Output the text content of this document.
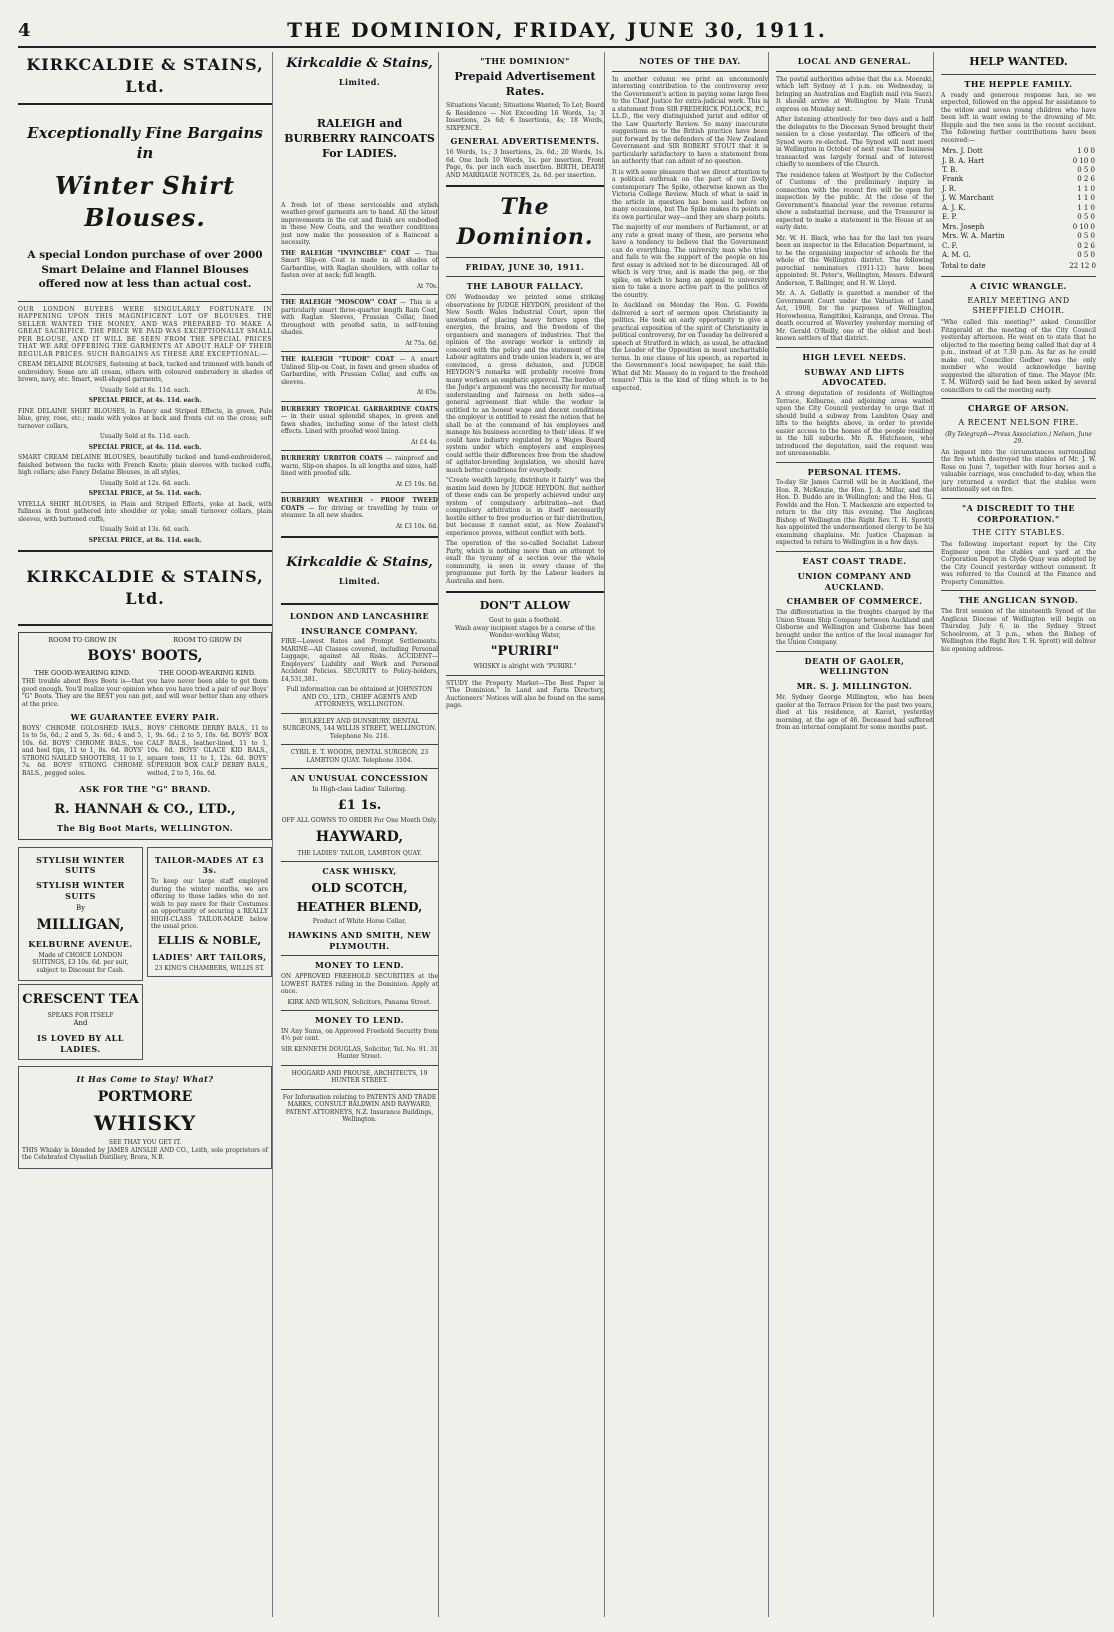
4	THE DOMINION, FRIDAY, JUNE 30, 1911.
KIRKCALDIE & STAINS, Ltd.
Exceptionally Fine Bargains in
Winter Shirt Blouses.
A special London purchase of over 2000 Smart Delaine and Flannel Blouses offered now at less than actual cost.

OUR LONDON BUYERS WERE SINGULARLY FORTUNATE IN HAPPENING UPON THIS MAGNIFICENT LOT OF BLOUSES. THE SELLER WANTED THE MONEY, AND WAS PREPARED TO MAKE A GREAT SACRIFICE. THE PRICE WE PAID WAS EXCEPTIONALLY SMALL PER BLOUSE, AND IT WILL BE SEEN FROM THE SPECIAL PRICES THAT WE ARE OFFERING THE GARMENTS AT ABOUT HALF OF THEIR REGULAR PRICES. SUCH BARGAINS AS THESE ARE EXCEPTIONAL:—

CREAM DELAINE BLOUSES, fastening at back, tucked and trimmed with bands of embroidery. Some are all cream, others with coloured embroidery in shades of brown, navy, etc. Smart, well-shaped garments,

Usually Sold at 8s. 11d. each.

SPECIAL PRICE, at 4s. 11d. each.

FINE DELAINE SHIRT BLOUSES, in Fancy and Striped Effects, in green, Pale blue, grey, rose, etc.; made with yokes at back and fronts cut on the cross; soft turnover collars,

Usually Sold at 8s. 11d. each.

SPECIAL PRICE, at 4s. 11d. each.

SMART CREAM DELAINE BLOUSES, beautifully tucked and hand-embroidered, finished between the tucks with French Knots; plain sleeves with tucked cuffs, high collars; also Fancy Delaine Blouses, in all styles,

Usually Sold at 12s. 6d. each.

SPECIAL PRICE, at 5s. 11d. each.

VIYELLA SHIRT BLOUSES, in Plain and Striped Effects, yoke at back, with fullness in front gathered into shoulder or yoke; small turnover collars, plain sleeves, with buttoned cuffs,

Usually Sold at 13s. 6d. each.

SPECIAL PRICE, at 8s. 11d. each.

KIRKCALDIE & STAINS, Ltd.
ROOM TO GROW IN	ROOM TO GROW IN
BOYS' BOOTS,
THE GOOD-WEARING KIND.	THE GOOD-WEARING KIND.

THE trouble about Boys Boots is—that you have never been able to get them good enough. You'll realize your opinion when you have tried a pair of our Boys' "G" Boots. They are the BEST you can get, and will wear better than any others at the price.

WE GUARANTEE EVERY PAIR.

BOYS' CHROME GOLOSHED BALS., 1s to 5s, 6d.; 2 and 5, 3s. 6d.; 4 and 5, 10s. 6d. BOYS' CHROME BALS., toe and heel tips, 11 to 1, 8s. 6d. BOYS' STRONG NAILED SHOOTERS, 11 to 1, 7s. 6d. BOYS' STRONG CHROME BALS., pegged soles.

BOYS' CHROME DERBY BALS., 11 to 1, 9s. 6d.; 2 to 5, 10s. 6d. BOYS' BOX CALF BALS., leather-lined, 11 to 1, 10s. 6d. BOYS' GLACE KID BALS., square toes, 11 to 1, 12s. 6d. BOYS' SUPERIOR BOX CALF DERBY BALS., welted, 2 to 5, 16s. 6d.

ASK FOR THE "G" BRAND.
R. HANNAH & CO., LTD.,
The Big Boot Marts, WELLINGTON.
STYLISH WINTER SUITS
STYLISH WINTER SUITS
By
MILLIGAN,
KELBURNE AVENUE.

Made of CHOICE LONDON SUITINGS, £3 10s. 6d. per suit, subject to Discount for Cash.

CRESCENT TEA
SPEAKS FOR ITSELF
And
IS LOVED BY ALL LADIES.
TAILOR-MADES AT £3 3s.

To keep our large staff employed during the winter months, we are offering to those ladies who do not wish to pay more for their Costumes an opportunity of securing a REALLY HIGH-CLASS TAILOR-MADE below the usual price.

ELLIS & NOBLE,
LADIES' ART TAILORS,
23 KING'S CHAMBERS, WILLIS ST.
It Has Come to Stay! What?
PORTMORE
WHISKY
SEE THAT YOU GET IT.

THIS Whisky is blended by JAMES AINSLIE AND CO., Leith, sole proprietors of the Celebrated Clynelish Distillery, Brora, N.B.

Kirkcaldie & Stains,
Limited.
RALEIGH and BURBERRY RAINCOATS For LADIES.

A fresh lot of these serviceable and stylish weather-proof garments are to hand. All the latest improvements in the cut and finish are embodied in these New Coats, and the weather conditions just now make the possession of a Raincoat a necessity.

THE RALEIGH "INVINCIBLE" COAT — This Smart Slip-on Coat is made in all shades of Garbardine, with Raglan shoulders, with collar to fasten over at neck; full length.

At 70s.

THE RALEIGH "MOSCOW" COAT — This is a particularly smart three-quarter length Rain Coat, with Raglan Sleeves, Prussian Collar, lined throughout with proofed satin, in self-toning shades.

At 75s. 6d.

THE RALEIGH "TUDOR" COAT — A smart Unlined Slip-on Coat, in fawn and green shades of Garbardine, with Prussian Collar, and cuffs on sleeves.

At 65s.

BURBERRY TROPICAL GARBARDINE COATS — in their usual splendid shapes, in green and fawn shades, including some of the latest cloth effects. Lined with proofed wool lining.

At £4 4s.

BURBERRY URBITOR COATS — rainproof and warm, Slip-on shapes. In all lengths and sizes, half-lined with proofed silk.

At £5 19s. 6d.

BURBERRY WEATHER - PROOF TWEED COATS — for driving or travelling by train or steamer. In all new shades.

At £3 10s. 6d.

Kirkcaldie & Stains,
Limited.
LONDON AND LANCASHIRE
INSURANCE COMPANY.

FIRE—Lowest Rates and Prompt Settlements. MARINE—All Classes covered, including Personal Luggage, against All Risks. ACCIDENT—Employers' Liability and Work and Personal Accident Policies. SECURITY to Policy-holders, £4,531,381.

Full information can be obtained at JOHNSTON AND CO., LTD., CHIEF AGENTS AND ATTORNEYS, WELLINGTON.

BULKELEY AND DUNSBURY, DENTAL SURGEONS, 144 WILLIS STREET, WELLINGTON. Telephone No. 216.

CYRIL E. T. WOODS, DENTAL SURGEON, 23 LAMBTON QUAY. Telephone 3104.

AN UNUSUAL CONCESSION
In High-class Ladies' Tailoring.
£1 1s.
OFF ALL GOWNS TO ORDER For One Month Only.
HAYWARD,
THE LADIES' TAILOR, LAMBTON QUAY.
CASK WHISKY,
OLD SCOTCH,
HEATHER BLEND,
Product of White Horse Cellar,
HAWKINS AND SMITH, NEW PLYMOUTH.
MONEY TO LEND.

ON APPROVED FREEHOLD SECURITIES at the LOWEST RATES ruling in the Dominion. Apply at once.

KIRK AND WILSON, Solicitors, Panama Street.

MONEY TO LEND.

IN Any Sums, on Approved Freehold Security from 4½ per cent.

SIR KENNETH DOUGLAS, Solicitor, Tel. No. 91. 31 Hunter Street.

HOGGARD AND PROUSE, ARCHITECTS, 19 HUNTER STREET.

For Information relating to PATENTS AND TRADE MARKS, CONSULT BALDWIN AND RAYWARD, PATENT ATTORNEYS, N.Z. Insurance Buildings, Wellington.

"THE DOMINION"
Prepaid Advertisement Rates.

Situations Vacant; Situations Wanted; To Let; Board & Residence — Not Exceeding 16 Words, 1s; 3 Insertions, 2s 6d; 6 Insertions, 4s; 18 Words, SIXPENCE.

GENERAL ADVERTISEMENTS.

16 Words, 1s.; 3 Insertions, 2s. 6d.; 20 Words, 1s. 6d. One Inch 10 Words, 1s. per insertion. Front Page, 6s. per inch each insertion. BIRTH, DEATH AND MARRIAGE NOTICES, 2s. 6d. per insertion.

The Dominion.
FRIDAY, JUNE 30, 1911.
THE LABOUR FALLACY.

ON Wednesday we printed some striking observations by JUDGE HEYDON, president of the New South Wales Industrial Court, upon the unwisdom of placing heavy fetters upon the energies, the brains, and the freedom of the organisers and managers of industries. That the opinion of the average worker is entirely in concord with the policy and the statement of the Labour agitators and trade union leaders is, we are convinced, a gross delusion, and JUDGE HEYDON'S remarks will probably receive from many workers an emphatic approval. The burden of the Judge's argument was the necessity for mutual understanding and fairness on both sides—a general agreement that while the worker is entitled to an honest wage and decent conditions the employer is entitled to resist the notion that he shall be at the command of his employees and manage his business according to their ideas. If we could have industry regulated by a Wages Board system under which employers and employees could settle their differences free from the shadow of agitator-breeding legislation, we should have much better conditions for everybody.

"Create wealth largely, distribute it fairly" was the maxim laid down by JUDGE HEYDON. But neither of these ends can be properly achieved under any system of compulsory arbitration—not that compulsory arbitration is in itself necessarily hostile either to free production or fair distribution, but because it cannot exist, as New Zealand's experience proves, without conflict with both.

The operation of the so-called Socialist Labour Party, which is nothing more than an attempt to exalt the tyranny of a section over the whole community, is seen in every clause of the programme put forth by the Labour leaders in Australia and here.

DON'T ALLOW
Gout to gain a foothold.
Wash away incipient stages by a course of the Wonder-working Water,
"PURIRI"
WHISKY is alright with "PURIRI."

STUDY the Property Market—The Best Paper is "The Dominion." In Land and Farm Directory, Auctioneers' Notices will also be found on the same page.

NOTES OF THE DAY.

In another column we print an uncommonly interesting contribution to the controversy over the Government's action in paying some large fees to the Chief Justice for extra-judicial work. This is a statement from SIR FREDERICK POLLOCK, P.C., LL.D., the very distinguished jurist and editor of the Law Quarterly Review. So many inaccurate suggestions as to the British practice have been put forward by the defenders of the New Zealand Government and SIR ROBERT STOUT that it is particularly satisfactory to have a statement from an authority that can admit of no question.

It is with some pleasure that we direct attention to a political outbreak on the part of our lively contemporary The Spike, otherwise known as the Victoria College Review. Much of what is said in the article in question has been said before on many occasions, but The Spike makes its points in its own particular way—and they are sharp points.

The majority of our members of Parliament, or at any rate a great many of them, are persons who have a tendency to believe that the Government can do everything. The university man who tries and fails to win the support of the people on his first essay is advised not to be discouraged. All of which is very true, and is made the peg, or the spike, on which to hang an appeal to university men to take a more active part in the politics of the country.

In Auckland on Monday the Hon. G. Fowlds delivered a sort of sermon upon Christianity in politics. He took an early opportunity to give a practical exposition of the spirit of Christianity in political controversy, for on Tuesday he delivered a speech at Stratford in which, as usual, he attacked the Leader of the Opposition in most uncharitable terms. In one clause of his speech, as reported in the Government's local newspaper, he said this: What did Mr. Massey do in regard to the freehold tenure? This is the kind of thing which is to be expected.

LOCAL AND GENERAL.

The postal authorities advise that the s.s. Moeraki, which left Sydney at 1 p.m. on Wednesday, is bringing an Australian and English mail (via Suez). It should arrive at Wellington by Main Trunk express on Monday next.

After listening attentively for two days and a half the delegates to the Diocesan Synod brought their session to a close yesterday. The officers of the Synod were re-elected. The Synod will next meet in Wellington in October of next year. The business transacted was largely formal and of interest chiefly to members of the Church.

The residence taken at Westport by the Collector of Customs of the preliminary inquiry in connection with the recent fire will be open for inspection by the public. At the close of the Government's financial year the revenue returns show a substantial increase, and the Treasurer is expected to make a statement in the House at an early date.

Mr. W. H. Black, who has for the last ten years been an inspector in the Education Department, is to be the organising inspector of schools for the whole of the Wellington district. The following parochial nominators (1911-12) have been appointed: St. Peter's, Wellington, Messrs. Edward Anderson, T. Ballinger, and H. W. Lloyd.

Mr. A. A. Gellatly is gazetted a member of the Government Court under the Valuation of Land Act, 1908, for the purposes of Wellington, Horowhenua, Rangitikei, Kairanga, and Oroua. The death occurred at Waverley yesterday morning of Mr. Gerald O'Reilly, one of the oldest and best-known settlers of that district.

HIGH LEVEL NEEDS.
SUBWAY AND LIFTS ADVOCATED.

A strong deputation of residents of Wellington Terrace, Kelburne, and adjoining areas waited upon the City Council yesterday to urge that it should build a subway from Lambton Quay and lifts to the heights above, in order to provide easier access to the homes of the people residing in the hill suburbs. Mr. R. Hutcheson, who introduced the deputation, said the request was not unreasonable.

PERSONAL ITEMS.

To-day Sir James Carroll will be in Auckland, the Hon. R. McKenzie, the Hon. J. A. Millar, and the Hon. D. Buddo are in Wellington; and the Hon. G. Fowlds and the Hon. T. Mackenzie are expected to return to the city this evening. The Anglican Bishop of Wellington (the Right Rev. T. H. Sprott) has appointed the undermentioned clergy to be his examining chaplains. Mr. Justice Chapman is expected to return to Wellington in a few days.

EAST COAST TRADE.
UNION COMPANY AND AUCKLAND.
CHAMBER OF COMMERCE.

The differentiation in the freights charged by the Union Steam Ship Company between Auckland and Gisborne and Wellington and Gisborne has been brought under the notice of the local manager for the Union Company.

DEATH OF GAOLER, WELLINGTON
MR. S. J. MILLINGTON.

Mr. Sydney George Millington, who has been gaoler at the Terrace Prison for the past two years, died at his residence, at Karori, yesterday morning, at the age of 46. Deceased had suffered from an internal complaint for some months past.

HELP WANTED.
THE HEPPLE FAMILY.

A ready and generous response has, so we expected, followed on the appeal for assistance to the widow and seven young children who have been left in want owing to the drowning of Mr. Hepple and the two sons in the recent accident. The following further contributions have been received:—

Mrs. J. Dott	1 0 0
J. B. A. Hart	0 10 0
T. B.	0 5 0
Frank	0 2 6
J. R.	1 1 0
J. W. Marchant	1 1 0
A. J. K.	1 1 0
E. P.	0 5 0
Mrs. Joseph	0 10 0
Mrs. W. A. Martin	0 5 0
C. F.	0 2 6
A. M. G.	0 5 0
Total to date	22 12 0
A CIVIC WRANGLE.
EARLY MEETING AND SHEFFIELD CHOIR.

"Who called this meeting?" asked Councillor Fitzgerald at the meeting of the City Council yesterday afternoon. He went on to state that he objected to the meeting being called that day at 4 p.m., instead of at 7.30 p.m. As far as he could make out, Councillor Godber was the only member who would acknowledge having suggested the alteration of time. The Mayor (Mr. T. M. Wilford) said he had been asked by several councillors to call the meeting early.

CHARGE OF ARSON.
A RECENT NELSON FIRE.

(By Telegraph—Press Association.) Nelson, June 29.

An inquest into the circumstances surrounding the fire which destroyed the stables of Mr. J. W. Rose on June 7, together with four horses and a valuable carriage, was concluded to-day, when the jury returned a verdict that the stables were intentionally set on fire.

"A DISCREDIT TO THE CORPORATION."
THE CITY STABLES.

The following important report by the City Engineer upon the stables and yard at the Corporation Depot in Clyde Quay was adopted by the City Council yesterday without comment. It was referred to the Council at the Finance and Property Committee.

THE ANGLICAN SYNOD.

The first session of the nineteenth Synod of the Anglican Diocese of Wellington will begin on Thursday, July 6, in the Sydney Street Schoolroom, at 3 p.m., when the Bishop of Wellington (the Right Rev. T. H. Sprott) will deliver his opening address.
